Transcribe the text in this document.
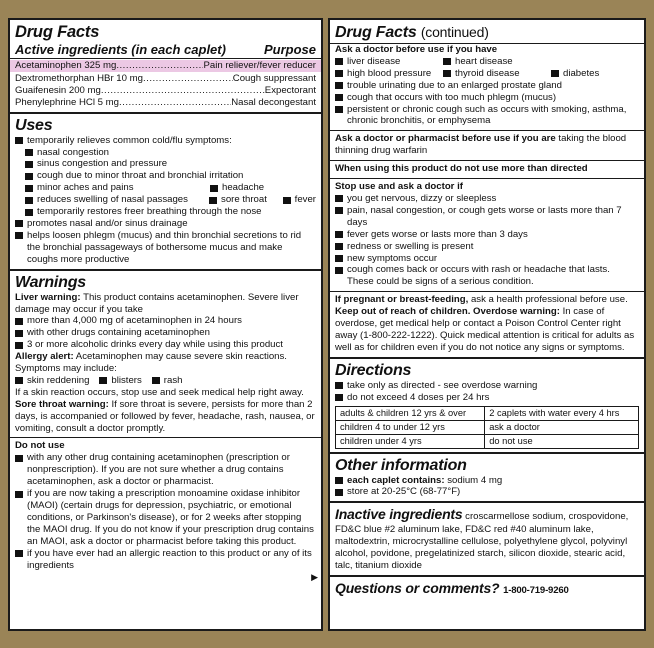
Drug Facts
Active ingredients (in each caplet)	Purpose
Acetaminophen 325 mg .....	Pain reliever/fever reducer
Dextromethorphan HBr 10 mg .....	Cough suppressant
Guaifenesin 200 mg .....	Expectorant
Phenylephrine HCl 5 mg .....	Nasal decongestant
Uses
temporarily relieves common cold/flu symptoms:
nasal congestion
sinus congestion and pressure
cough due to minor throat and bronchial irritation
minor aches and pains	headache
reduces swelling of nasal passages	sore throat	fever
temporarily restores freer breathing through the nose
promotes nasal and/or sinus drainage
helps loosen phlegm (mucus) and thin bronchial secretions to rid the bronchial passageways of bothersome mucus and make coughs more productive
Warnings
Liver warning: This product contains acetaminophen. Severe liver damage may occur if you take
more than 4,000 mg of acetaminophen in 24 hours
with other drugs containing acetaminophen
3 or more alcoholic drinks every day while using this product
Allergy alert: Acetaminophen may cause severe skin reactions. Symptoms may include:
skin reddening blisters rash
If a skin reaction occurs, stop use and seek medical help right away.
Sore throat warning: If sore throat is severe, persists for more than 2 days, is accompanied or followed by fever, headache, rash, nausea, or vomiting, consult a doctor promptly.
Do not use
with any other drug containing acetaminophen (prescription or nonprescription). If you are not sure whether a drug contains acetaminophen, ask a doctor or pharmacist.
if you are now taking a prescription monoamine oxidase inhibitor (MAOI) (certain drugs for depression, psychiatric, or emotional conditions, or Parkinson's disease), or for 2 weeks after stopping the MAOI drug. If you do not know if your prescription drug contains an MAOI, ask a doctor or pharmacist before taking this product.
if you have ever had an allergic reaction to this product or any of its ingredients
▶
Drug Facts (continued)
Ask a doctor before use if you have
liver disease	heart disease
high blood pressure	thyroid disease	diabetes
trouble urinating due to an enlarged prostate gland
cough that occurs with too much phlegm (mucus)
persistent or chronic cough such as occurs with smoking, asthma, chronic bronchitis, or emphysema
Ask a doctor or pharmacist before use if you are taking the blood thinning drug warfarin
When using this product do not use more than directed
Stop use and ask a doctor if
you get nervous, dizzy or sleepless
pain, nasal congestion, or cough gets worse or lasts more than 7 days
fever gets worse or lasts more than 3 days
redness or swelling is present
new symptoms occur
cough comes back or occurs with rash or headache that lasts. These could be signs of a serious condition.
If pregnant or breast-feeding, ask a health professional before use.
Keep out of reach of children. Overdose warning: In case of overdose, get medical help or contact a Poison Control Center right away (1-800-222-1222). Quick medical attention is critical for adults as well as for children even if you do not notice any signs or symptoms.
Directions
take only as directed - see overdose warning
do not exceed 4 doses per 24 hrs
adults & children 12 yrs & over	2 caplets with water every 4 hrs
children 4 to under 12 yrs	ask a doctor
children under 4 yrs	do not use
Other information
each caplet contains: sodium 4 mg
store at 20-25°C (68-77°F)
Inactive ingredients croscarmellose sodium, crospovidone, FD&C blue #2 aluminum lake, FD&C red #40 aluminum lake, maltodextrin, microcrystalline cellulose, polyethylene glycol, polyvinyl alcohol, povidone, pregelatinized starch, silicon dioxide, stearic acid, talc, titanium dioxide
Questions or comments? 1-800-719-9260
